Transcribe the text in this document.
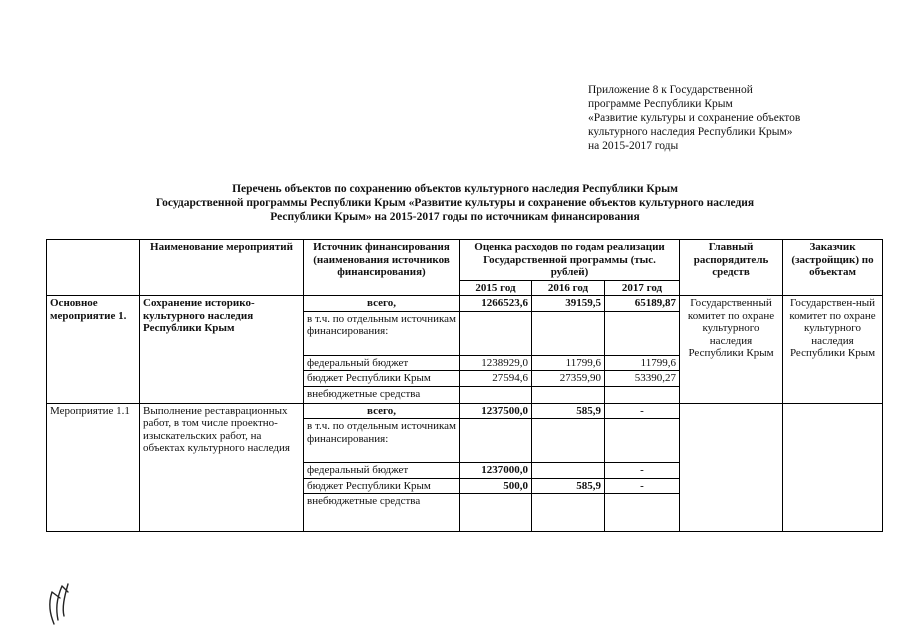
Приложение 8 к Государственной
программе Республики Крым
«Развитие культуры и сохранение объектов
культурного наследия Республики Крым»
на 2015-2017 годы
Перечень объектов по сохранению объектов культурного наследия Республики Крым
Государственной программы Республики Крым «Развитие культуры и сохранение объектов культурного наследия
Республики Крым» на 2015-2017 годы по источникам финансирования
	Наименование мероприятий	Источник финансирования (наименования источников финансирования)	Оценка расходов по годам реализации Государственной программы (тыс. рублей)			Главный распорядитель средств	Заказчик (застройщик) по объектам
			2015 год	2016 год	2017 год		
Основное мероприятие 1.	Сохранение историко-культурного наследия Республики Крым	всего,	1266523,6	39159,5	65189,87	Государственный комитет по охране культурного наследия Республики Крым	Государствен-ный комитет по охране культурного наследия Республики Крым
		в т.ч. по отдельным источникам финансирования:					
		федеральный бюджет	1238929,0	11799,6	11799,6		
		бюджет Республики Крым	27594,6	27359,90	53390,27		
		внебюджетные средства					
Мероприятие 1.1	Выполнение реставрационных работ, в том числе проектно-изыскательских работ, на объектах культурного наследия	всего,	1237500,0	585,9	-		
		в т.ч. по отдельным источникам финансирования:					
		федеральный бюджет	1237000,0		-		
		бюджет Республики Крым	500,0	585,9	-		
		внебюджетные средства					
